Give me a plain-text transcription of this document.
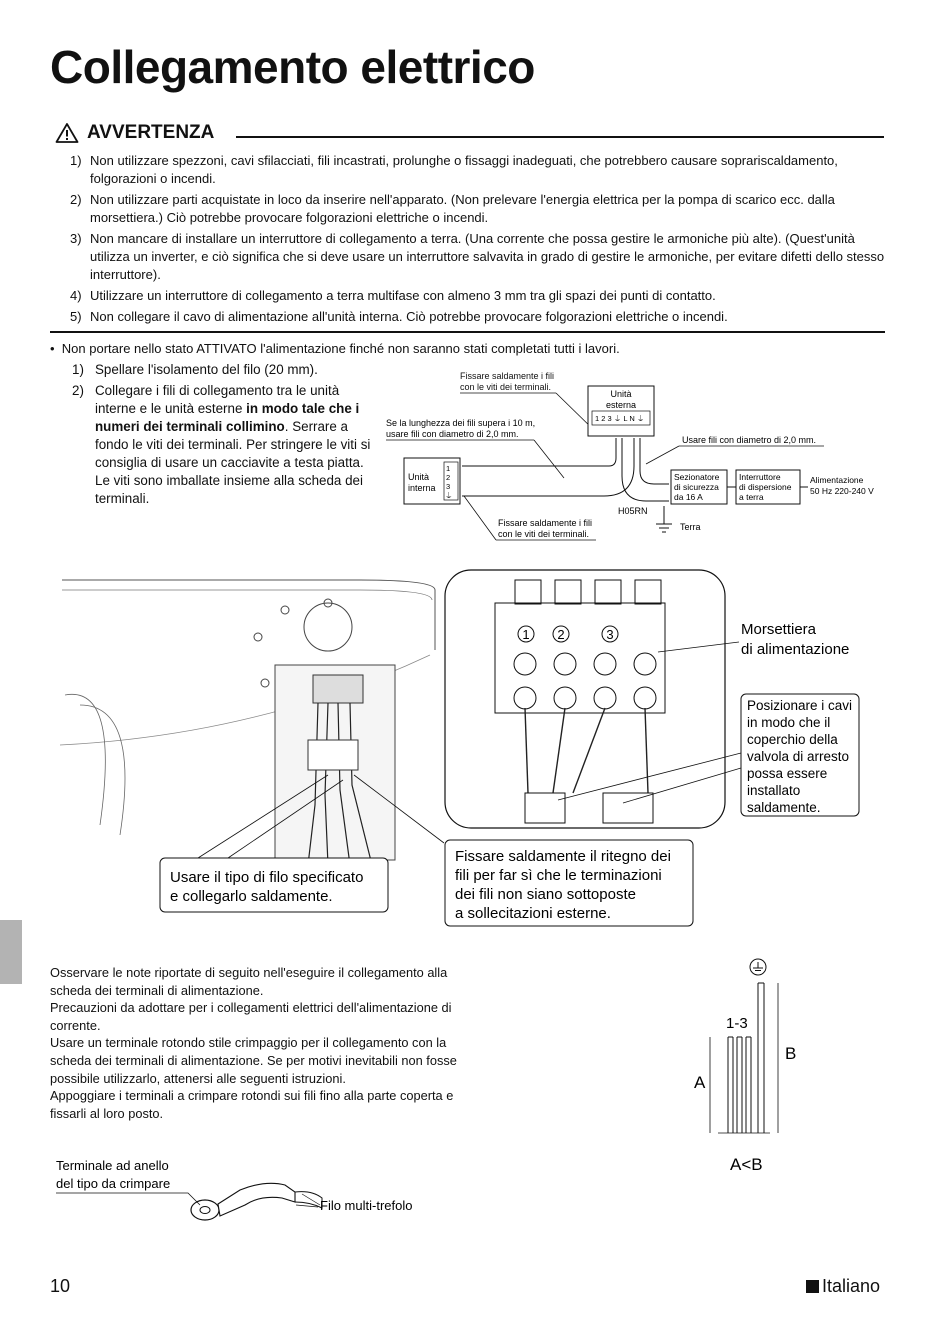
Collegamento elettrico
AVVERTENZA
1) Non utilizzare spezzoni, cavi sfilacciati, fili incastrati, prolunghe o fissaggi inadeguati, che potrebbero causare soprariscaldamento, folgorazioni o incendi.
2) Non utilizzare parti acquistate in loco da inserire nell'apparato. (Non prelevare l'energia elettrica per la pompa di scarico ecc. dalla morsettiera.) Ciò potrebbe provocare folgorazioni elettriche o incendi.
3) Non mancare di installare un interruttore di collegamento a terra. (Una corrente che possa gestire le armoniche più alte). (Quest'unità utilizza un inverter, e ciò significa che si deve usare un interruttore salvavita in grado di gestire le armoniche, per evitare difetti dello stesso interruttore).
4) Utilizzare un interruttore di collegamento a terra multifase con almeno 3 mm tra gli spazi dei punti di contatto.
5) Non collegare il cavo di alimentazione all'unità interna. Ciò potrebbe provocare folgorazioni elettriche o incendi.
•  Non portare nello stato ATTIVATO l'alimentazione finché non saranno stati completati tutti i lavori.
1) Spellare l'isolamento del filo (20 mm).
2) Collegare i fili di collegamento tra le unità interne e le unità esterne in modo tale che i numeri dei terminali collimino. Serrare a fondo le viti dei terminali. Per stringere le viti si consiglia di usare un cacciavite a testa piatta. Le viti sono imballate insieme alla scheda dei terminali.
Fissare saldamente i fili
con le viti dei terminali.
Unità
esterna
1 2 3 ⏚ L N ⏚
Se la lunghezza dei fili supera i 10 m,
usare fili con diametro di 2,0 mm.
Usare fili con diametro di 2,0 mm.
Unità
interna
1
2
3
⏚
Sezionatore
di sicurezza
da 16 A
Interruttore
di dispersione
a terra
Alimentazione
50 Hz 220-240 V
Fissare saldamente i fili
con le viti dei terminali.
H05RN
Terra
1 2	3	Morsettiera
di alimentazione
Posizionare i cavi
in modo che il
coperchio della
valvola di arresto
possa essere
installato
saldamente.
Fissare saldamente il ritegno dei
fili per far sì che le terminazioni
dei fili non siano sottoposte
a sollecitazioni esterne.
Usare il tipo di filo specificato
e collegarlo saldamente.

Osservare le note riportate di seguito nell'eseguire il collegamento alla scheda dei terminali di alimentazione.

Precauzioni da adottare per i collegamenti elettrici dell'alimentazione di corrente.

Usare un terminale rotondo stile crimpaggio per il collegamento con la scheda dei terminali di alimentazione. Se per motivi inevitabili non fosse possibile utilizzarlo, attenersi alle seguenti istruzioni.

Appoggiare i terminali a crimpare rotondi sui fili fino alla parte coperta e fissarli al loro posto.

1-3
A
B
A<B
Terminale ad anello
del tipo da crimpare
Filo multi-trefolo
10	Italiano
